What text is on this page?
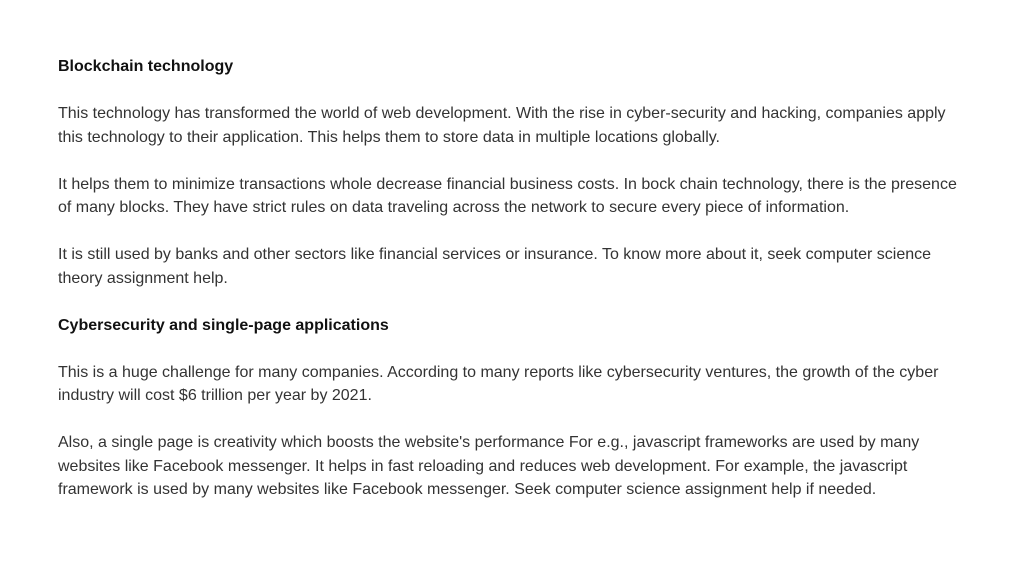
Blockchain technology

This technology has transformed the world of web development. With the rise in cyber-security and hacking, companies apply this technology to their application. This helps them to store data in multiple locations globally.

It helps them to minimize transactions whole decrease financial business costs. In bock chain technology, there is the presence of many blocks. They have strict rules on data traveling across the network to secure every piece of information.

It is still used by banks and other sectors like financial services or insurance. To know more about it, seek computer science theory assignment help.

Cybersecurity and single-page applications

This is a huge challenge for many companies. According to many reports like cybersecurity ventures, the growth of the cyber industry will cost $6 trillion per year by 2021.

Also, a single page is creativity which boosts the website's performance For e.g., javascript frameworks are used by many websites like Facebook messenger. It helps in fast reloading and reduces web development. For example, the javascript framework is used by many websites like Facebook messenger. Seek computer science assignment help if needed.
